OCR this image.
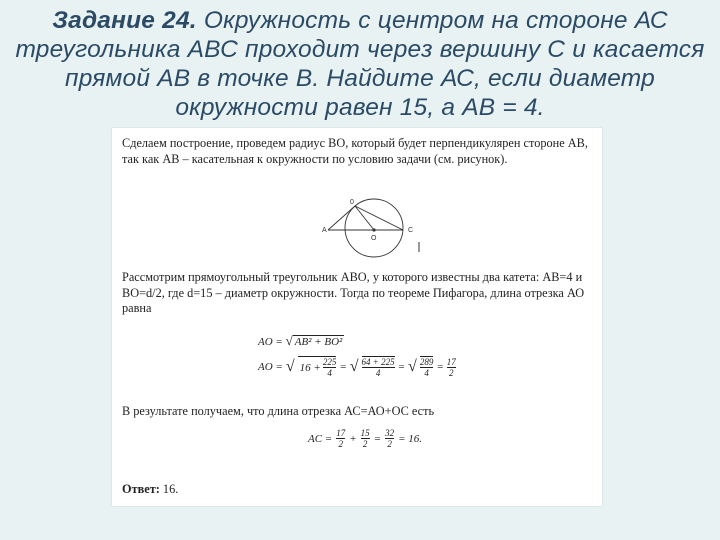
Задание 24. Окружность с центром на стороне АС треугольника АВС проходит через вершину С и касается прямой АВ в точке В. Найдите АС, если диаметр окружности равен 15, а АВ = 4.
Сделаем построение, проведем радиус ВО, который будет перпендикулярен стороне АВ, так как АВ – касательная к окружности по условию задачи (см. рисунок).
A
0
O
C
Рассмотрим прямоугольный треугольник АВО, у которого известны два катета: АВ=4 и ВО=d/2, где d=15 – диаметр окружности. Тогда по теореме Пифагора, длина отрезка АО равна
AO = √ AB² + BO²
AO = √ $16 + \frac{225}{4}$ = √ $\frac{64 + 225}{4}$ = √ $\frac{289}{4} = \frac{17}{2}$
В результате получаем, что длина отрезка АС=АО+ОС есть
AC = $\frac{17}{2} + \frac{15}{2} = \frac{32}{2} = 16$.
Ответ: 16.
